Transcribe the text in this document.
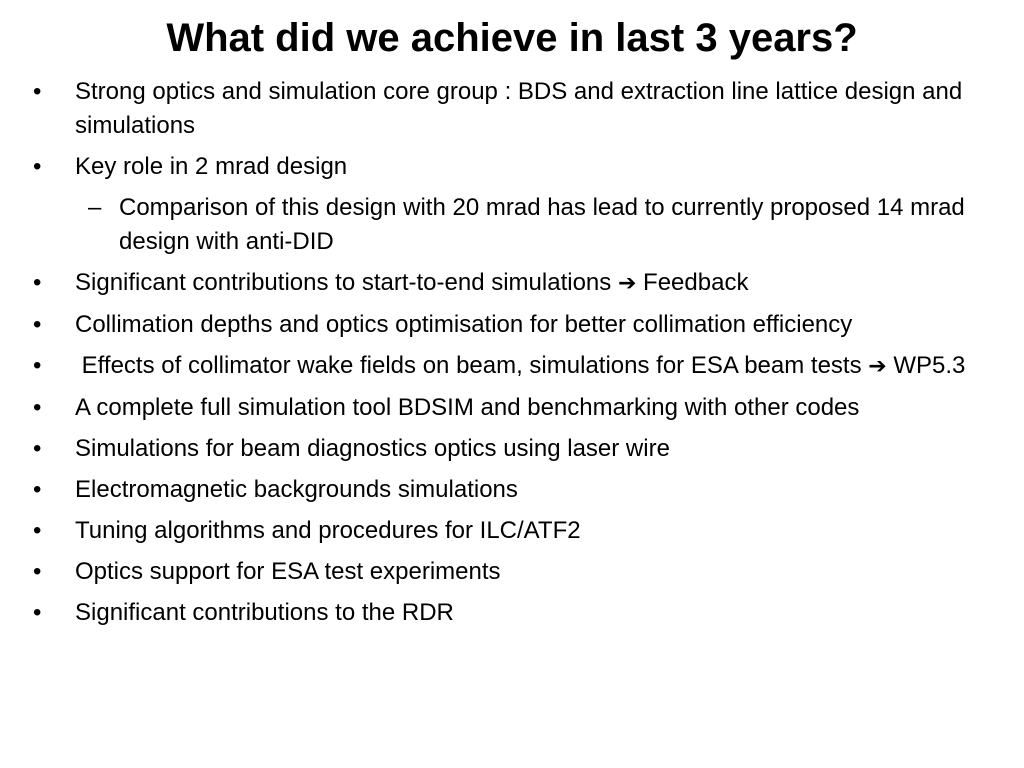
What did we achieve in last 3 years?
• Strong optics and simulation core group : BDS and extraction line lattice design and simulations
• Key role in 2 mrad design
– Comparison of this design with 20 mrad has lead to currently proposed 14 mrad design with anti-DID
• Significant contributions to start-to-end simulations ➔ Feedback
• Collimation depths and optics optimisation for better collimation efficiency
• Effects of collimator wake fields on beam, simulations for ESA beam tests ➔ WP5.3
• A complete full simulation tool BDSIM and benchmarking with other codes
• Simulations for beam diagnostics optics using laser wire
• Electromagnetic backgrounds simulations
• Tuning algorithms and procedures for ILC/ATF2
• Optics support for ESA test experiments
• Significant contributions to the RDR
